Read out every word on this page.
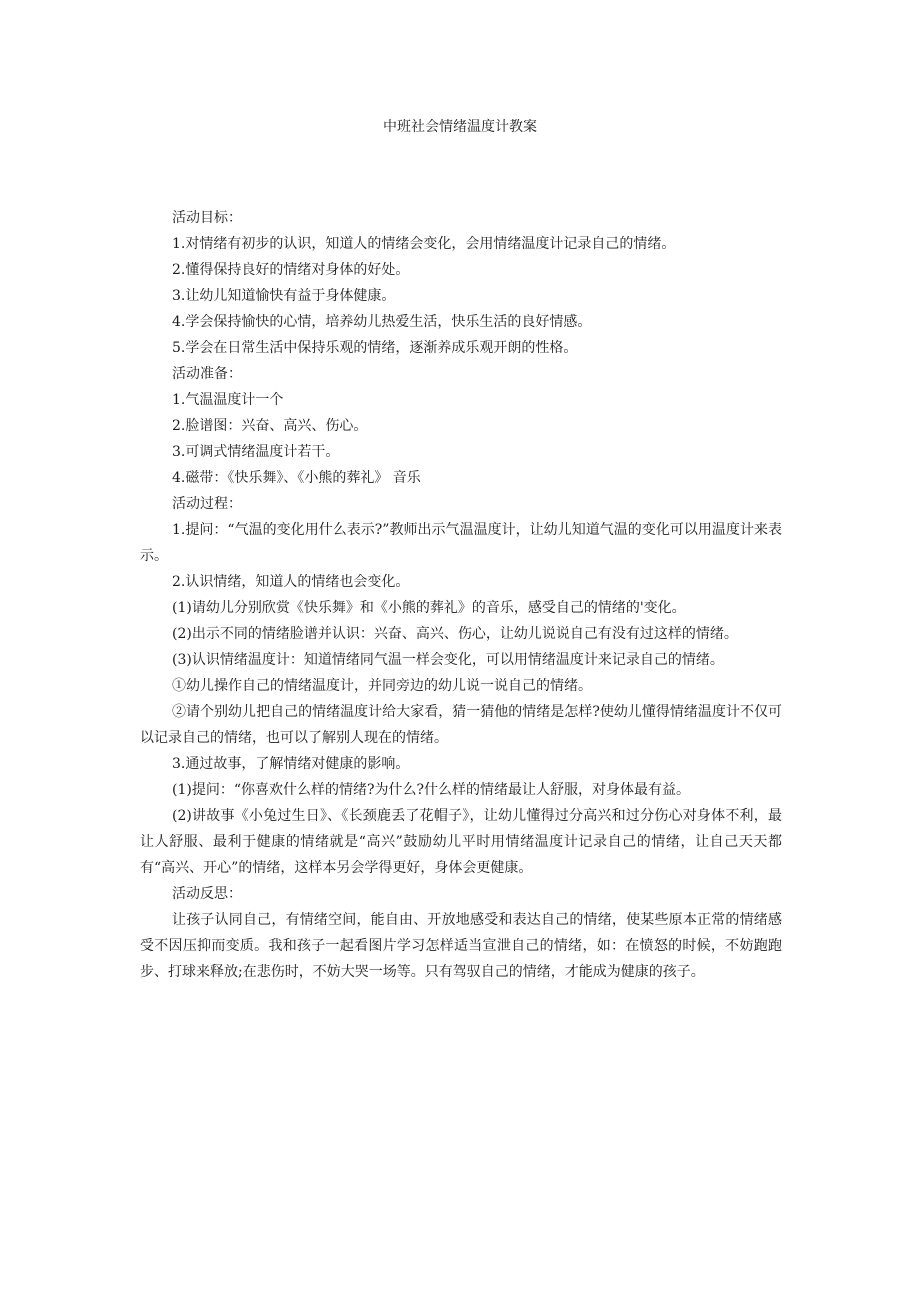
中班社会情绪温度计教案

活动目标：

1.对情绪有初步的认识，知道人的情绪会变化，会用情绪温度计记录自己的情绪。

2.懂得保持良好的情绪对身体的好处。

3.让幼儿知道愉快有益于身体健康。

4.学会保持愉快的心情，培养幼儿热爱生活，快乐生活的良好情感。

5.学会在日常生活中保持乐观的情绪，逐渐养成乐观开朗的性格。

活动准备：

1.气温温度计一个

2.脸谱图：兴奋、高兴、伤心。

3.可调式情绪温度计若干。

4.磁带：《快乐舞》、《小熊的葬礼》 音乐

活动过程：

1.提问：“气温的变化用什么表示?”教师出示气温温度计，让幼儿知道气温的变化可以用温度计来表示。

2.认识情绪，知道人的情绪也会变化。

(1)请幼儿分别欣赏《快乐舞》和《小熊的葬礼》的音乐，感受自己的情绪的'变化。

(2)出示不同的情绪脸谱并认识：兴奋、高兴、伤心，让幼儿说说自己有没有过这样的情绪。

(3)认识情绪温度计：知道情绪同气温一样会变化，可以用情绪温度计来记录自己的情绪。

①幼儿操作自己的情绪温度计，并同旁边的幼儿说一说自己的情绪。

②请个别幼儿把自己的情绪温度计给大家看，猜一猜他的情绪是怎样?使幼儿懂得情绪温度计不仅可以记录自己的情绪，也可以了解别人现在的情绪。

3.通过故事，了解情绪对健康的影响。

(1)提问：“你喜欢什么样的情绪?为什么?什么样的情绪最让人舒服，对身体最有益。

(2)讲故事《小兔过生日》、《长颈鹿丢了花帽子》，让幼儿懂得过分高兴和过分伤心对身体不利，最让人舒服、最利于健康的情绪就是“高兴”鼓励幼儿平时用情绪温度计记录自己的情绪，让自己天天都有“高兴、开心”的情绪，这样本另会学得更好，身体会更健康。

活动反思：

让孩子认同自己，有情绪空间，能自由、开放地感受和表达自己的情绪，使某些原本正常的情绪感受不因压抑而变质。我和孩子一起看图片学习怎样适当宣泄自己的情绪，如：在愤怒的时候，不妨跑跑步、打球来释放;在悲伤时，不妨大哭一场等。只有驾驭自己的情绪，才能成为健康的孩子。
